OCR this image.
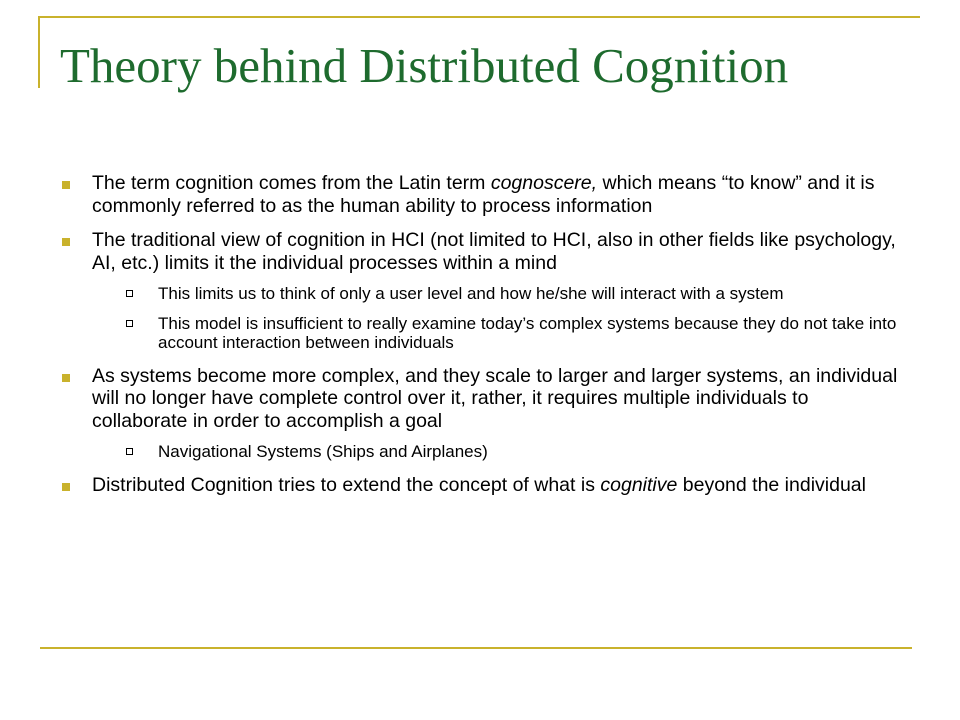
Theory behind Distributed Cognition
The term cognition comes from the Latin term cognoscere, which means “to know” and it is commonly referred to as the human ability to process information
The traditional view of cognition in HCI (not limited to HCI, also in other fields like psychology, AI, etc.) limits it the individual processes within a mind
This limits us to think of only a user level and how he/she will interact with a system
This model is insufficient to really examine today’s complex systems because they do not take into account interaction between individuals
As systems become more complex, and they scale to larger and larger systems, an individual will no longer have complete control over it, rather, it requires multiple individuals to collaborate in order to accomplish a goal
Navigational Systems (Ships and Airplanes)
Distributed Cognition tries to extend the concept of what is cognitive beyond the individual
